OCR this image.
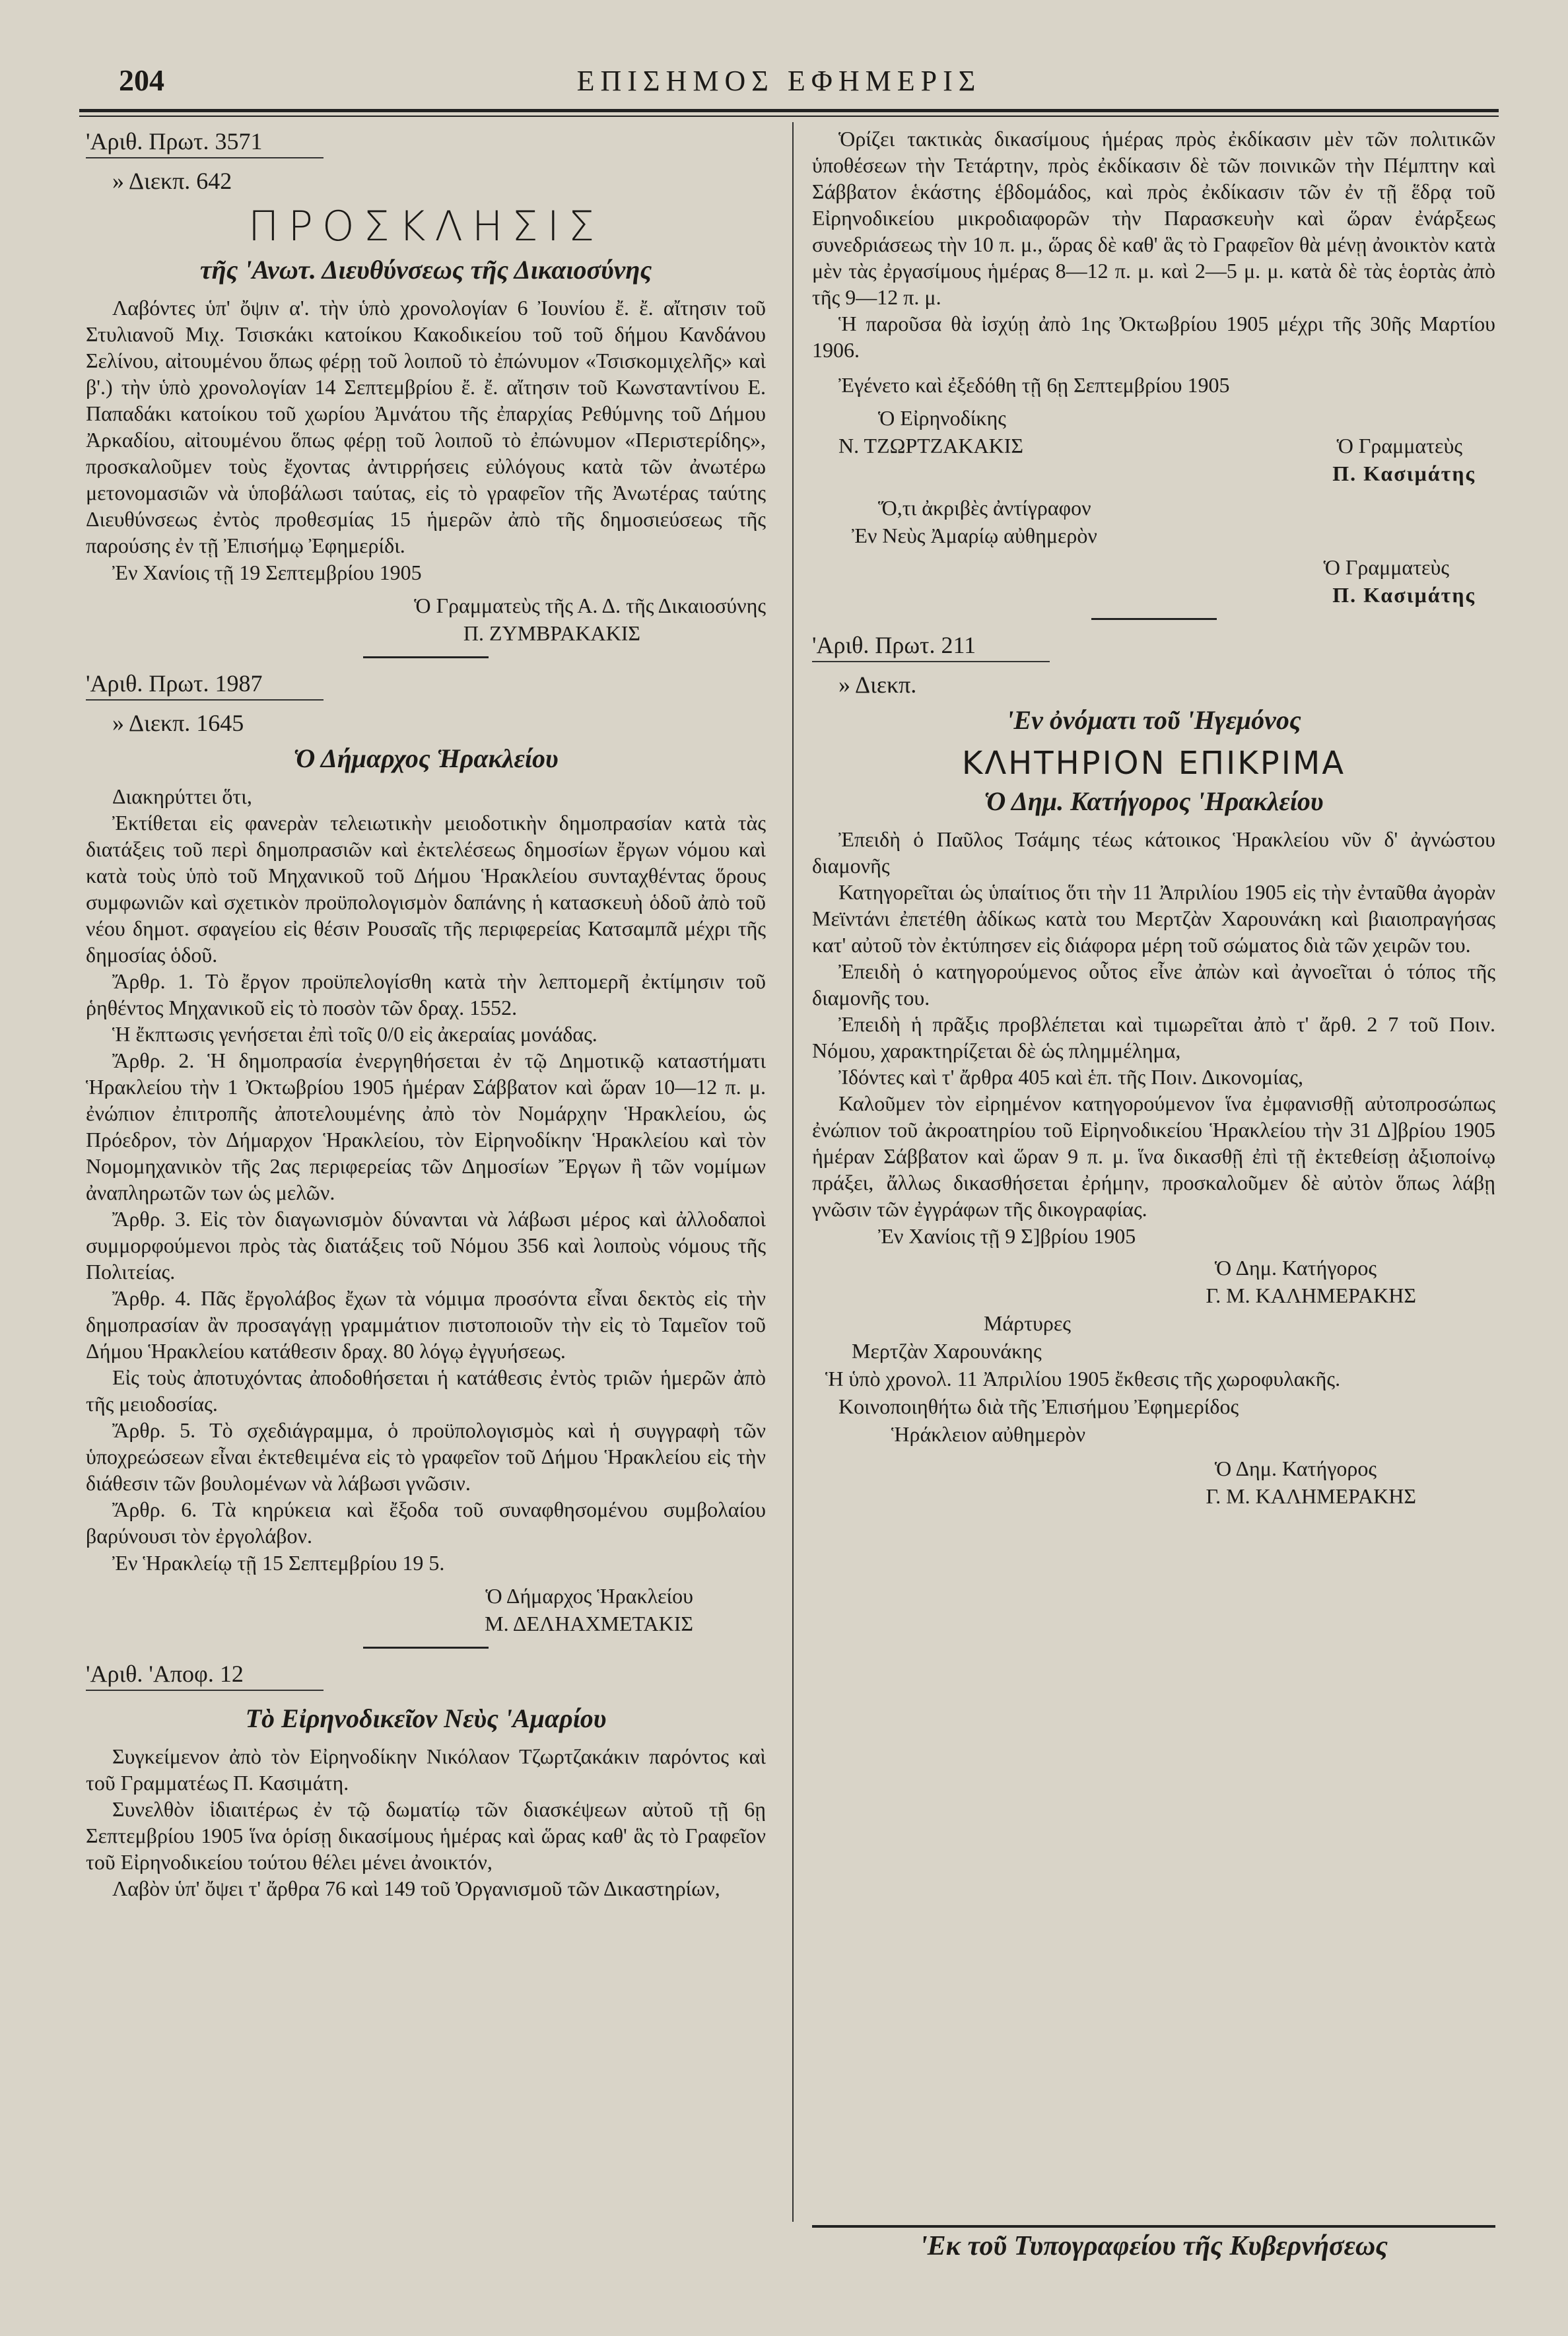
204	ΕΠΙΣΗΜΟΣ ΕΦΗΜΕΡΙΣ

'Αριθ. Πρωτ. 3571

» Διεκπ. 642

ΠΡΟΣΚΛΗΣΙΣ
τῆς 'Ανωτ. Διευθύνσεως τῆς Δικαιοσύνης

Λαβόντες ὑπ' ὄψιν α'. τὴν ὑπὸ χρονολογίαν 6 Ἰουνίου ἔ. ἔ. αἴτησιν τοῦ Στυλιανοῦ Μιχ. Τσισκάκι κατοίκου Κακοδικείου τοῦ τοῦ δήμου Κανδάνου Σελίνου, αἰτουμένου ὅπως φέρῃ τοῦ λοιποῦ τὸ ἐπώνυμον «Τσισκομιχελῆς» καὶ β'.) τὴν ὑπὸ χρονολογίαν 14 Σεπτεμβρίου ἔ. ἔ. αἴτησιν τοῦ Κωνσταντίνου Ε. Παπαδάκι κατοίκου τοῦ χωρίου Ἀμνάτου τῆς ἐπαρχίας Ρεθύμνης τοῦ Δήμου Ἀρκαδίου, αἰτουμένου ὅπως φέρῃ τοῦ λοιποῦ τὸ ἐπώνυμον «Περιστερίδης», προσκαλοῦμεν τοὺς ἔχοντας ἀντιρρήσεις εὐλόγους κατὰ τῶν ἀνωτέρω μετονομασιῶν νὰ ὑποβάλωσι ταύτας, εἰς τὸ γραφεῖον τῆς Ἀνωτέρας ταύτης Διευθύνσεως ἐντὸς προθεσμίας 15 ἡμερῶν ἀπὸ τῆς δημοσιεύσεως τῆς παρούσης ἐν τῇ Ἐπισήμῳ Ἐφημερίδι.

Ἐν Χανίοις τῇ 19 Σεπτεμβρίου 1905

Ὁ Γραμματεὺς τῆς Α. Δ. τῆς Δικαιοσύνης

Π. ΖΥΜΒΡΑΚΑΚΙΣ

'Αριθ. Πρωτ. 1987

» Διεκπ. 1645

Ὁ Δήμαρχος Ἡρακλείου

Διακηρύττει ὅτι,

Ἐκτίθεται εἰς φανερὰν τελειωτικὴν μειοδοτικὴν δημοπρασίαν κατὰ τὰς διατάξεις τοῦ περὶ δημοπρασιῶν καὶ ἐκτελέσεως δημοσίων ἔργων νόμου καὶ κατὰ τοὺς ὑπὸ τοῦ Μηχανικοῦ τοῦ Δήμου Ἡρακλείου συνταχθέντας ὅρους συμφωνιῶν καὶ σχετικὸν προϋπολογισμὸν δαπάνης ἡ κατασκευὴ ὁδοῦ ἀπὸ τοῦ νέου δημοτ. σφαγείου εἰς θέσιν Ρουσαῖς τῆς περιφερείας Κατσαμπᾶ μέχρι τῆς δημοσίας ὁδοῦ.

Ἄρθρ. 1. Τὸ ἔργον προϋπελογίσθη κατὰ τὴν λεπτομερῆ ἐκτίμησιν τοῦ ῥηθέντος Μηχανικοῦ εἰς τὸ ποσὸν τῶν δραχ. 1552.

Ἡ ἔκπτωσις γενήσεται ἐπὶ τοῖς 0/0 εἰς ἀκεραίας μονάδας.

Ἄρθρ. 2. Ἡ δημοπρασία ἐνεργηθήσεται ἐν τῷ Δημοτικῷ καταστήματι Ἡρακλείου τὴν 1 Ὀκτωβρίου 1905 ἡμέραν Σάββατον καὶ ὥραν 10—12 π. μ. ἐνώπιον ἐπιτροπῆς ἀποτελουμένης ἀπὸ τὸν Νομάρχην Ἡρακλείου, ὡς Πρόεδρον, τὸν Δήμαρχον Ἡρακλείου, τὸν Εἰρηνοδίκην Ἡρακλείου καὶ τὸν Νομομηχανικὸν τῆς 2ας περιφερείας τῶν Δημοσίων Ἔργων ἢ τῶν νομίμων ἀναπληρωτῶν των ὡς μελῶν.

Ἄρθρ. 3. Εἰς τὸν διαγωνισμὸν δύνανται νὰ λάβωσι μέρος καὶ ἀλλοδαποὶ συμμορφούμενοι πρὸς τὰς διατάξεις τοῦ Νόμου 356 καὶ λοιποὺς νόμους τῆς Πολιτείας.

Ἄρθρ. 4. Πᾶς ἔργολάβος ἔχων τὰ νόμιμα προσόντα εἶναι δεκτὸς εἰς τὴν δημοπρασίαν ἂν προσαγάγῃ γραμμάτιον πιστοποιοῦν τὴν εἰς τὸ Ταμεῖον τοῦ Δήμου Ἡρακλείου κατάθεσιν δραχ. 80 λόγῳ ἐγγυήσεως.

Εἰς τοὺς ἀποτυχόντας ἀποδοθήσεται ἡ κατάθεσις ἐντὸς τριῶν ἡμερῶν ἀπὸ τῆς μειοδοσίας.

Ἄρθρ. 5. Τὸ σχεδιάγραμμα, ὁ προϋπολογισμὸς καὶ ἡ συγγραφὴ τῶν ὑποχρεώσεων εἶναι ἐκτεθειμένα εἰς τὸ γραφεῖον τοῦ Δήμου Ἡρακλείου εἰς τὴν διάθεσιν τῶν βουλομένων νὰ λάβωσι γνῶσιν.

Ἄρθρ. 6. Τὰ κηρύκεια καὶ ἔξοδα τοῦ συναφθησομένου συμβολαίου βαρύνουσι τὸν ἐργολάβον.

Ἐν Ἡρακλείῳ τῇ 15 Σεπτεμβρίου 19 5.

Ὁ Δήμαρχος Ἡρακλείου

Μ. ΔΕΛΗΑΧΜΕΤΑΚΙΣ

'Αριθ. 'Αποφ. 12

Τὸ Εἰρηνοδικεῖον Νεὺς 'Αμαρίου

Συγκείμενον ἀπὸ τὸν Εἰρηνοδίκην Νικόλαον Τζωρτζακάκιν παρόντος καὶ τοῦ Γραμματέως Π. Κασιμάτη.

Συνελθὸν ἰδιαιτέρως ἐν τῷ δωματίῳ τῶν διασκέψεων αὐτοῦ τῇ 6ῃ Σεπτεμβρίου 1905 ἵνα ὁρίσῃ δικασίμους ἡμέρας καὶ ὥρας καθ' ἃς τὸ Γραφεῖον τοῦ Εἰρηνοδικείου τούτου θέλει μένει ἀνοικτόν,

Λαβὸν ὑπ' ὄψει τ' ἄρθρα 76 καὶ 149 τοῦ Ὀργανισμοῦ τῶν Δικαστηρίων,

Ὁρίζει τακτικὰς δικασίμους ἡμέρας πρὸς ἐκδίκασιν μὲν τῶν πολιτικῶν ὑποθέσεων τὴν Τετάρτην, πρὸς ἐκδίκασιν δὲ τῶν ποινικῶν τὴν Πέμπτην καὶ Σάββατον ἑκάστης ἑβδομάδος, καὶ πρὸς ἐκδίκασιν τῶν ἐν τῇ ἕδρᾳ τοῦ Εἰρηνοδικείου μικροδιαφορῶν τὴν Παρασκευὴν καὶ ὥραν ἐνάρξεως συνεδριάσεως τὴν 10 π. μ., ὥρας δὲ καθ' ἃς τὸ Γραφεῖον θὰ μένῃ ἀνοικτὸν κατὰ μὲν τὰς ἐργασίμους ἡμέρας 8—12 π. μ. καὶ 2—5 μ. μ. κατὰ δὲ τὰς ἑορτὰς ἀπὸ τῆς 9—12 π. μ.

Ἡ παροῦσα θὰ ἰσχύῃ ἀπὸ 1ης Ὀκτωβρίου 1905 μέχρι τῆς 30ῆς Μαρτίου 1906.

Ἐγένετο καὶ ἐξεδόθη τῇ 6ῃ Σεπτεμβρίου 1905

Ὁ Εἰρηνοδίκης

Ν. ΤΖΩΡΤΖΑΚΑΚΙΣ	Ὁ Γραμματεὺς

Π. Κασιμάτης

Ὅ,τι ἀκριβὲς ἀντίγραφον

Ἐν Νεὺς Ἀμαρίῳ αὐθημερὸν

Ὁ Γραμματεὺς

Π. Κασιμάτης

'Αριθ. Πρωτ. 211

» Διεκπ.

'Εν ὀνόματι τοῦ 'Ηγεμόνος
ΚΛΗΤΗΡΙΟΝ ΕΠΙΚΡΙΜΑ
Ὁ Δημ. Κατήγορος 'Ηρακλείου

Ἐπειδὴ ὁ Παῦλος Τσάμης τέως κάτοικος Ἡρακλείου νῦν δ' ἀγνώστου διαμονῆς

Κατηγορεῖται ὡς ὑπαίτιος ὅτι τὴν 11 Ἀπριλίου 1905 εἰς τὴν ἐνταῦθα ἀγορὰν Μεϊντάνι ἐπετέθη ἀδίκως κατὰ του Μερτζὰν Χαρουνάκη καὶ βιαιοπραγήσας κατ' αὐτοῦ τὸν ἐκτύπησεν εἰς διάφορα μέρη τοῦ σώματος διὰ τῶν χειρῶν του.

Ἐπειδὴ ὁ κατηγορούμενος οὗτος εἶνε ἀπὼν καὶ ἀγνοεῖται ὁ τόπος τῆς διαμονῆς του.

Ἐπειδὴ ἡ πρᾶξις προβλέπεται καὶ τιμωρεῖται ἀπὸ τ' ἄρθ. 2 7 τοῦ Ποιν. Νόμου, χαρακτηρίζεται δὲ ὡς πλημμέλημα,

Ἰδόντες καὶ τ' ἄρθρα 405 καὶ ἑπ. τῆς Ποιν. Δικονομίας,

Καλοῦμεν τὸν εἰρημένον κατηγορούμενον ἵνα ἐμφανισθῇ αὐτοπροσώπως ἐνώπιον τοῦ ἀκροατηρίου τοῦ Εἰρηνοδικείου Ἡρακλείου τὴν 31 Δ]βρίου 1905 ἡμέραν Σάββατον καὶ ὥραν 9 π. μ. ἵνα δικασθῇ ἐπὶ τῇ ἐκτεθείσῃ ἀξιοποίνῳ πράξει, ἄλλως δικασθήσεται ἐρήμην, προσκαλοῦμεν δὲ αὐτὸν ὅπως λάβῃ γνῶσιν τῶν ἐγγράφων τῆς δικογραφίας.

Ἐν Χανίοις τῇ 9 Σ]βρίου 1905

Ὁ Δημ. Κατήγορος

Γ. Μ. ΚΑΛΗΜΕΡΑΚΗΣ

Μάρτυρες

Μερτζὰν Χαρουνάκης

Ἡ ὑπὸ χρονολ. 11 Ἀπριλίου 1905 ἔκθεσις τῆς χωροφυλακῆς.

Κοινοποιηθήτω διὰ τῆς Ἐπισήμου Ἐφημερίδος

Ἡράκλειον αὐθημερὸν

Ὁ Δημ. Κατήγορος

Γ. Μ. ΚΑΛΗΜΕΡΑΚΗΣ

'Εκ τοῦ Τυπογραφείου τῆς Κυβερνήσεως
